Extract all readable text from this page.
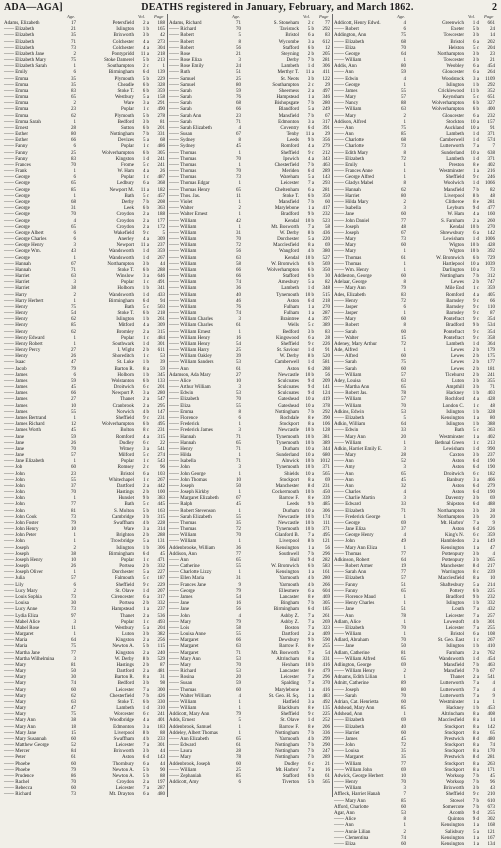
ADA—AGA]	DEATHS registered in January, February, and March 1862.	2
Age.	Vol. Page	Age.	Vol. Page	Age.	Vol. Page
Adams, Elizabeth	17	Petersfield	2 a	188
—— Elizabeth	21	Islington	1 b	165
—— Elizabeth	35	Brixworth	3 b	42
—— Elizabeth	71	Colchester	4 a	273
—— Elizabeth	73	Colchester	4 a	304
—— Elizabeth Jane	2	Pontypridd	11 a	218
—— Elizabeth Mary	75	Stoke Damerel	5 b	213
—— Elizabeth Sarah	1	Southampton	2 c	1
—— Emily	6	Birmingham	6 d	139
—— Emma	35	Plymouth	5 b	229
—— Emma	35	Cheadle	6 b	328
—— Emma	83	Stoke T.	6 b	359
—— Emma	65	Westbury	5 a	158
—— Emma	2	Ware	3 a	291
—— Emma	23	Poplar	1 c	490
—— Emma	62	Plymouth	5 b	278
—— Emma Sarah	1	Bedford	3 b	81
—— Ernest	28	Sutton	6 b	201
—— Esther	80	Nottingham	7 b	331
—— Esther	66	Devizes	5 a	68
—— Fanny	6	Poplar	1 c	486
—— Fanny	25	Wolverhampton	6 b	305
—— Fanny	83	Kingston	1 d	241
—— Frances	70	Frome	5 c	241
—— Frank	1	W. Ham	4 a	26
—— George	6	Poplar	1 c	487
—— George	65	Ledbury	6 a	368
—— George	85	Newport M.	11 a	182
—— George	1	Bath	5 c	457
—— George	68	Derby	7 b	208
—— George	31	Leek	6 b	363
—— George	70	Croydon	2 a	188
—— George	4	Croydon	2 a	177
—— George	65	Croydon	2 a	172
—— George Albert	6	Wakefield	9 c	5
—— George Charles	6	Anerley	4 a	309
—— George Henry	3	Newport	11 a	237
—— George Wm.	43	Wandsworth	1 d	359
—— George	1	Wandsworth	1 d	267
—— Hannah	67	Northampton	3 b	44
—— Hannah	71	Stoke T.	6 b	288
—— Harriet	63	Winslow	3 a	646
—— Harriet	3	Poplar	1 c	491
—— Harriet	38	Holborn	1 b	341
—— Harry	2	Wandsworth	1 d	433
—— Harry Herbert	1	Birmingham	6 d	94
—— Henry	75	Bath	5 c	503
—— Henry	54	Stoke T.	6 b	218
—— Henry	62	Islington	1 b	261
—— Henry	85	Mitford	4 a	309
—— Henry	62	Bromley	2 a	315
—— Henry Edward	1	Poplar	1 c	484
—— Henry Robert	1	Southwark	1 d	301
—— Henry Percy	27	I. Wight	2 b	611
—— Henry	26	Shoreditch	1 c	53
—— Isaac	47	St. Luke	1 b	39
—— Jacob	79	Barton R.	8 a	59
—— James	6	Holborn	1 b	345
—— James	59	Wolstanton	6 b	133
—— James	45	Droitwich	6 c	201
—— James	66	Newport P.	3 a	280
—— James	27	Thanet	2 a	547
—— James	10	Cranbrook	2 a	295
—— James	55	Norwich	4 b	147
—— James Bertrand	1	Sheffield	9 c	231
—— James Richard	12	Wolverhampton	6 b	495
—— James Worth	45	Bolton	8 c	231
—— Jane	59	Romford	4 a	315
—— Jane	26	Dudley	6 c	22
—— Jane	70	Witney	3 a	541
—— Jane	57	Milford	5 c	274
—— Jane Elizabeth	1	Poplar	1 c	543
—— Job	60	Romsey	2 c	96
—— John	23	Bristol	6 a	103
—— John	55	Whitechapel	1 c	267
—— John	37	Dartford	2 a	442
—— John	70	Hastings	2 b	100
—— John	1	Hunslet	9 b	383
—— John	77	Bath	5 c	445
—— John	81	S. Molton	5 b	163
—— John Cook	73	Cambridge	3 b	315
—— John Foster	79	Swaffham	4 b	228
—— John Henry	10	Ware	3 a	314
—— John Peter	1	Brighton	2 b	288
—— John	1	Trowbridge	5 a	131
—— Joseph	2	Islington	1 b	306
—— Joseph	38	Birmingham	6 d	45
—— Joseph Henry	10	Poplar	1 c	471
—— Joseph	26	Portsea	2 b	332
—— Joseph Oliver	1	Dorchester	5 a	227
—— Julia	57	Falmouth	5 c	187
—— Lily	6	Sheffield	9 c	229
—— Lucy Mary	2	St. Olave	1 d	207
—— Louis Sophia	73	Cirencester	6 a	317
—— Louisa	30	Portsea	2 b	332
—— Lucy Anne	73	Hampstead	1 a	237
—— Lydia Eliza	97	Thanet	2 a	536
—— Mabel Alice	3	Poplar	1 c	493
—— Mabel Rose	11	Westbury	5 a	204
—— Margaret	1	Luton	3 b	382
—— Maria	64	Kingston	2 a	256
—— Maria	75	Newton A.	5 b	115
—— Martha Jane	77	Kingston	2 a	240
—— Martha Wilhelmina	3	W. Derby	8 b	529
—— Mary	81	Hastings	2 b	87
—— Mary	50	Dartford	2 a	481
—— Mary	30	Barton R.	8 a	31
—— Mary	74	Bedford	3 b	98
—— Mary	60	Leicester	7 a	300
—— Mary	62	Chesterfield	7 b	426
—— Mary	63	Stoke T.	6 b	330
—— Mary	47	Lambeth	1 d	310
—— Mary	75	Worcester	6 c	241
—— Mary Ann	38	Woodbridge	4 a	401
—— Mary Ann	18	Edmonton	3 a	183
—— Mary Jane	15	Liverpool	8 b	88
—— Mary Susannah	60	Swaffham	4 b	233
—— Matthew George	52	Leicester	7 a	301
—— Mercer	84	Brixworth	3 b	44
—— Peter	61	Aston	6 d	143
—— Phoebe	60	Thornbury	6 a	44
—— Phoebe	79	Newton A.	5 b	90
—— Prudence	86	Newton A.	5 b	88
—— Rachel	70	Croydon	2 a	197
—— Rebecca	60	Leicester	7 a	287
—— Richard	73	Mt. Drayton	6 a	480
Adams, Richard	71	S. Stoneham	2 c	77
—— Richard	70	Tavistock	5 b	292
—— Robert	5	Bristol	6 a	83
—— Robert	8	Wycombe	3 a	612
—— Robert	56	Stafford	6 b	12
—— Rose	21	Steyning	2 b	205
—— Rose Eliza	3	Derby	7 b	281
—— Rose Emily	24	Lambeth	1 d	306
—— Ruth	51	Merthyr T.	11 a	411
—— Samuel	25	St. Neots	3 b	122
—— Samuel	80	Southampton	2 c	29
—— Sarah	59	Sheerness	2 a	497
—— Sarah	76	Hampstead	1 a	346
—— Sarah	68	Bishopsgate	7 b	280
—— Sarah	66	Blandford	5 a	249
—— Sarah Ann	23	Mansfield	7 b	67
—— Sarah	71	Edmonton	3 a	317
—— Sarah Elizabeth	4	Coventry	6 d	391
—— Susan	67	Tenby	11 a	29
—— Sydney	8	Leeds	9 b	356
—— Sydney	45	Romford	4 a	279
—— Thomas	1	Sheffield	9 c	212
—— Thomas	70	Ipswich	4 a	343
—— Thomas	1	Chesterfield	7 b	463
—— Thomas	70	Meriden	6 d	289
—— Thomas	73	Wareham	5 a	143
—— Thomas Edgar	1	Leicester	7 a	293
—— Thomas Henry	65	Cheltenham	6 a	281
—— Thos. Jas.	11	Stoke T.	6 b	350
—— Violet	1	Mansfield	7 b	60
—— Walter	2	Marylebone	1 a	417
—— Walter Ernest	1	Bradford	9 b	232
—— William	42	Kendal	10 b	523
—— William	1	Mt. Bosworth	7 a	58
—— William	31	W. Derby	8 b	436
—— William	70	Dorchester	5 a	220
—— William	72	Macclesfield	8 a	69
—— William	56	Wangford	4 b	380
—— William	63	Kendal	10 b	527
—— William	58	W. Bromwich	6 b	569
—— William	66	Wolverhampton	6 b	350
—— William	66	Stafford	6 b	30
—— William	74	Amesbury	5 a	82
—— William	36	Lambeth	1 d	348
—— William	40	Tynemouth	10 b	515
—— William	46	Aston	6 d	218
—— William	76	Fulham	1 a	270
—— William	74	Fulham	1 a	287
—— William Charles	3	Braintree	4 a	397
—— William Charles	61	Wells	5 c	389
—— William Ernest	1	Bedford	3 b	83
—— William Henry	16	Kingswood	6 a	28
—— William Henry	54	Sheffield	9 c	226
—— William Harry	25	St. Saviour	1 d	91
—— William Oakley	39	W. Derby	8 b	520
—— William Sanders	53	Camberwell	1 d	581
—— Ann	61	Aston	6 d	288
Adamson, Ada Mary	27	Newcastle	10 b	56
—— Alice	10	Sculcoates	9 d	209
—— Arthur William	3	Sculcoates	9 d	141
—— Edwin	53	Sculcoates	9 d	124
—— Elizabeth	70	Gateshead	10 a	419
—— Eliza	55	Gateshead	10 a	378
—— Emma	8	Nottingham	7 b	292
—— Florence	6	Rochdale	8 e	390
—— Frederick	1	Stockport	8 a	106
—— Frederick James	3	Newcastle	10 b	128
—— Hannah	71	Tynemouth	10 b	381
—— Hannah	65	Tynemouth	10 b	389
—— Henry	71	Durham	10 a	344
—— Hilda	1	Sunderland	10 a	680
—— Isabella	71	Alnwick	10 b	1012
—— John	3	Tynemouth	10 b	371
—— John George	1	Shields	10 a	565
—— John Thomas	10	Stockport	8 a	69
—— Joseph	50	Manchester	8 d	231
—— Joseph Kirkby	1	Cockermouth	10 b	450
—— Margaret Elizabeth	67	Barrow F.	8 e	339
—— Ralph	45	Leeds	9 b	485
—— Robert Stevenson	1	Durham	10 a	306
—— Sarah Elizabeth	55	Newcastle	10 b	174
—— Thomas	35	Newcastle	10 b	111
—— Thomas	72	Tynemouth	10 b	371
—— William	70	Glanford B.	7 a	495
—— William	1	Liverpool	8 b	121
Addenbrooke, William	36	Kensington	1 a	56
Addison, Ann	77	Southwell	7 b	296
—— Ann	65	Hull	9 d	282
—— Catherine	55	W. Bromwich	6 b	583
—— Charlotte Lizzy	1	Kensington	1 a	161
—— Ellen Maria	31	Yarmouth	4 b	280
—— Frances Jane	9	Yarmouth	4 b	266
—— George	79	Ellesmere	6 a	604
—— James	54	Lancaster	8 e	469
—— Jane	16	Bingham	7 b	305
—— Jane	56	Birmingham	6 d	185
—— John	4	Ashby Z.	7 a	261
—— Mary	79	Ashby Z.	7 a	269
—— Lois	58	Boston	7 a	323
—— Louisa Anne	55	Dartford	2 a	409
—— Margaret	66	Dewsbury	9 b	590
—— Margaret	63	Barrow F.	8 e	255
—— Margaret	71	Mt. Bosworth	7 a	54
—— Mary Ann	53	Altrincham	8 a	331
—— Mary	70	Hexham	10 b	416
—— Richard	53	Lancaster	8 e	479
—— Rosina	20	Leicester	7 a	296
—— Susan	59	Spalding	7 a	370
—— Thomas	60	Marylebone	1 a	416
—— Walter William	4	St. Geo. H. Sq.	1 a	483
—— William	1	Hatfield	3 a	492
—— William	1	Blackburn	8 e	135
Addicott, Mary Ann	79	Sheffield	9 c	225
Adds, Ernest	5	St. Olave	1 d	252
Addenbrook, Samuel	1	Barrow F.	8 e	206
Addeley, Albert Thomas	1	Nottingham	7 b	336
—— Ann Elizabeth	65	Yarmouth	4 b	299
—— Edward	61	Nottingham	7 b	290
—— Laura	28	Nottingham	7 b	247
—— Mary	78	Nottingham	7 b	289
Addenbrook, Joseph	60	Dudley	6 c	21
—— William	25	Mt. Harbro'	7 a	16
—— Zephaniah	85	Stafford	6 b	61
Addicott, Amy	6	Tiverton	5 b	565
Addicott, Henry Edwd.	4	Greenwich	1 d	661
—— Robert	6	Exeter	5 b	24
Addington, Ann	75	Towcester	3 b	14
—— Elizabeth	68	Bristol	6 a	202
—— Eliza	70	Helston	5 c	204
—— George	64	Northampton	3 b	23
—— William	1	Towcester	3 b	21
Addis, Ann	80	Weobley	6 a	454
—— Ann	59	Gloucester	6 a	264
—— Edwin	4	Woodstock	3 a	1109
—— George	1	Islington	1 b	292
—— James	55	Cricklewood	11 b	352
—— Mary	57	Keynsham	5 c	651
—— Nancy	88	Wolverhampton	6 b	327
—— William	63	Wolverhampton	6 b	400
—— Mary	2	Gloucester	6 a	232
Addison, Alfred	1	Stockton	10 a	157
—— Ann	75	Auckland	10 a	91
—— Ann	85	Lambeth	1 d	371
—— Charlotte	68	Camberwell	1 d	574
—— Charlotte	73	Lutterworth	7 a	7
—— Edith Mary	8	Sunderland	10 a	638
—— Elizabeth	72	Lambeth	1 d	371
—— Emily	1	Preston	8 e	402
—— Frances Anne	1	Westminster	1 a	216
—— George Alfred	1	Sheffield	9 c	246
—— Gladys Mabel	8	Woolwich	1 d	1066
—— Hannah	62	Mansfield	7 b	82
—— Harriet	80	Liverpool	8 b	48
—— Hilda Mary	2	Clitheroe	8 e	281
—— Isabella	3	Leyburn	9 d	477
—— Jane	60	W. Ham	4 a	160
—— John Daniel	77	S. Farnham	2 a	260
—— Joseph	48	Kendal	10 b	270
—— Joseph	67	Shrewsbury	6 a	142
—— Mary	73	Lewisham	1 d	1006
—— Mary	60	Wigton	10 b	428
—— Mary	1	Wigton	10 b	392
—— Thomas	61	W. Bromwich	6 b	729
—— Thomas	1	Hartlepool	10 a	1039
—— Wm. Henry	1	Darlington	10 a	73
Addleston, George	60	Nottingham	7 b	312
Adelaar, George	8	Lewes	2 b	747
—— Mary Ann	79	Mile End	1 c	359
Ades, Elizabeth	83	Romford	4 a	405
—— Henry	72	Barnsley	9 c	66
—— Jasper	6	Barnsley	9 c	110
—— Jasper	1	Barnsley	9 c	87
—— Mary	60	Pontefract	9 c	354
—— Robert	8	Bradford	9 b	534
—— Sarah	60	Pontefract	9 c	354
—— Walter	15	Pontefract	9 c	358
Adeney, Mary Arthur	72	Lambeth	1 d	364
Ade, Alfred	1	Lewes	2 b	179
—— Alfred	60	Lewes	2 b	175
—— Sarah	75	Lewes	2 b	177
—— Sarah	60	Lewes	2 b	181
—— William	57	Ticehurst	2 b	241
Adey, Louisa	63	Luton	3 b	355
—— Martha Ann	65	Ampthill	3 b	71
—— Robert Jas.	78	Hackney	1 b	403
—— William	57	Rochford	4 a	428
—— William	70	London C.	1 c	48
Adkins, Edwin	53	Islington	1 b	328
—— Elizabeth	5	Kensington	1 a	80
Adkin, William	64	Islington	1 b	388
—— Edwin	33	Bath	5 c	363
—— Mary Ann	20	Westminster	1 a	402
—— William	1	Bethnal Green	1 c	213
Adkin, Harriet Emily E.	3	Lewisham	1 d	990
—— Mary	28	Caxton	3 b	237
—— Ann	52	Aston	6 d	190
—— Amy	3	Aston	6 d	190
—— Ann	65	Droitwich	6 c	182
—— Ann	45	Banbury	3 a	466
—— Ann	32	Aston	6 d	279
—— Charles	4	Aston	6 d	190
—— Charlie Martin	3	Daventry	3 b	69
—— Edward	33	Shipston	6 d	488
—— Elizabeth	71	Northampton	3 b	28
—— Frederick George	1	Northampton	3 b	20
—— George	69	Mt. Harbro'	7 a	9
—— Jane Eliza	37	Aston	6 d	226
—— George Henry	4	King's N.	6 c	359
—— John	49	Hambledon	2 a	149
—— Mary Ann Eliza	1	Kensington	1 a	47
—— Thomas	77	Pottenpury	3 b	4
Adkinson, Robert	64	Pottenpury	3 b	265
—— Robert Armer	19	Manchester	8 d	217
—— Sarah Ann	77	Warrington	8 c	239
—— Elizabeth	57	Macclesfield	8 a	10
—— Fanny	51	Shaftesbury	5 a	214
—— Fanny	65	Pottery	6 b	225
—— Florence Maud	1	Bradford	9 b	232
—— Henry Charles	1	Islington	1 b	332
—— Jane	51	Louth	7 a	432
—— Ann	78	Leicester	7 a	257
Adlam, Alice	1	Lowestoft	4 b	301
—— Elizabeth	70	Leicester	7 a	255
—— William	1	Bristol	6 a	108
Adlard, Abraham	70	St. Geo. East	1 c	267
—— Jane	50	Islington	1 b	410
Adlam, Catherine	81	Farnham	2 a	762
—— William Alfred	65	Wandsworth	1 d	454
Adlington, George	69	Mansfield	7 b	463
—— William Henry	2	Mansfield	7 b	67
Adnams, Edith Lilian	1	Thanet	2 a	541
Adnitt, Catherine	89	Lutterworth	7 a	4
—— Joseph	80	Lutterworth	7 a	4
—— Sarah	70	Lutterworth	7 a	9
Adrian, Cat. Henrietta	60	Westminster	1 a	1
Adshead, Mary Ann	85	Hackney	1 b	453
Adshead, Ann	1	Altrincham	8 a	408
—— Elizabeth	69	Macclesfield	8 a	14
—— Elizabeth	40	Stockport	8 a	142
—— Harriet	60	Stockport	8 a	65
—— James	45	Prestwich	8 d	480
—— John	72	Stockport	8 a	74
—— Louisa	35	Stockport	8 a	170
—— Margaret	35	Prestwich	8 d	281
—— William	77	Stockport	8 a	263
—— William John	69	Stockport	8 a	171
Adwick, George Herbert	10	Worksop	7 b	45
—— Henry	70	Worksop	7 b	96
—— William	3	Brixworth	3 b	43
Affleck, Harriet Hanah	7	Sheffield	9 c	210
—— Mary Ann	85	Stowel	7 b	610
Afford, Charlotte	60	Somercote	7 b	673
Agar, Ann	53	Acomb	9 d	255
—— Alice	8	Quinton	9 d	302
—— Ann	1	Kensington	1 a	168
—— Annie Lilian	2	Salisbury	5 a	121
—— Clementina	74	Kensington	1 a	167
—— Eliza	60	Kensington	1 a	134
